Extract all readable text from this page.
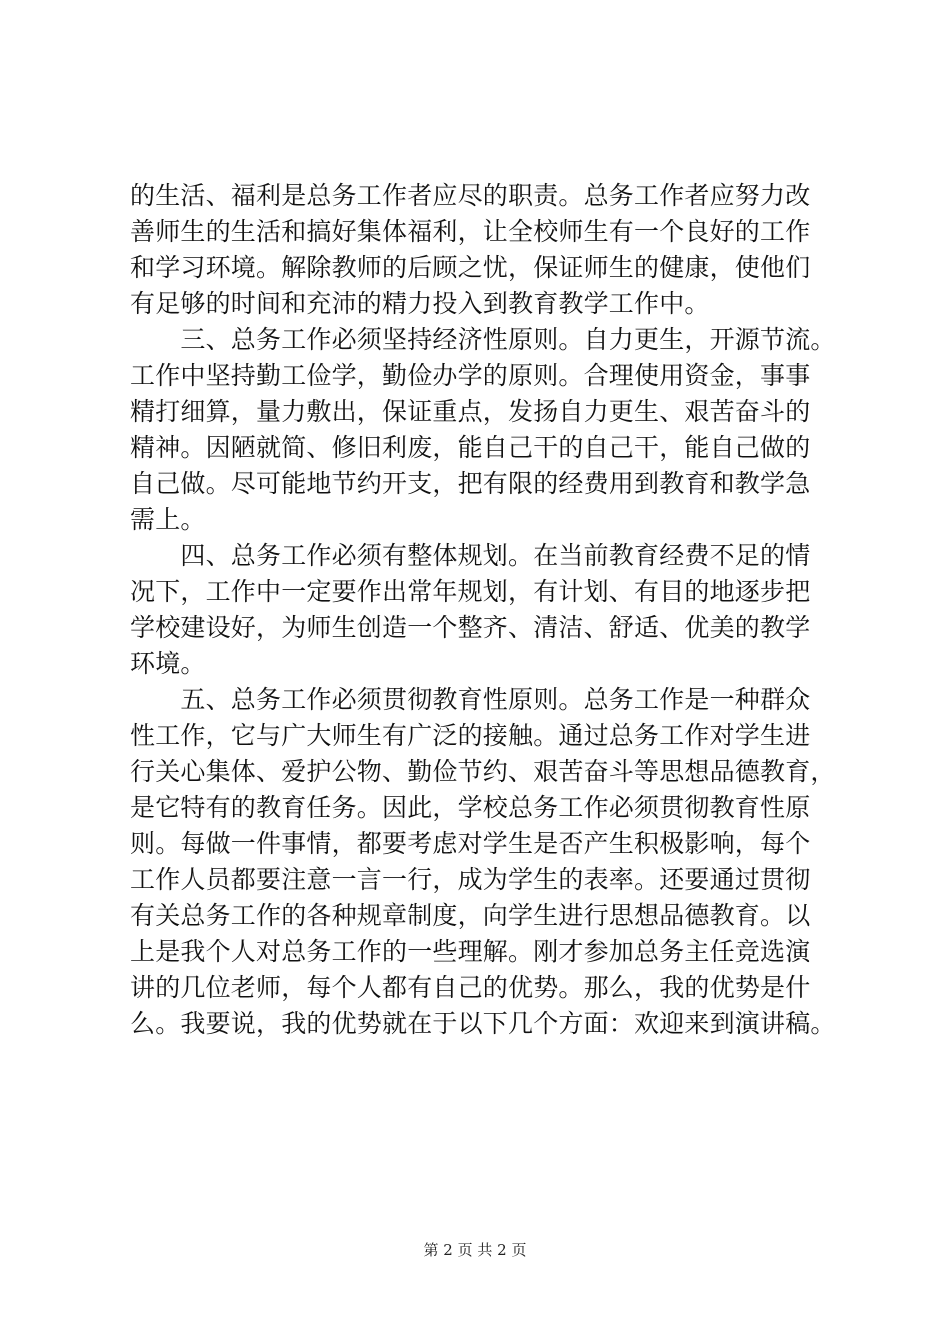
的生活、福利是总务工作者应尽的职责。总务工作者应努力改
善师生的生活和搞好集体福利，让全校师生有一个良好的工作
和学习环境。解除教师的后顾之忧，保证师生的健康，使他们
有足够的时间和充沛的精力投入到教育教学工作中。
　　三、总务工作必须坚持经济性原则。自力更生，开源节流。
工作中坚持勤工俭学，勤俭办学的原则。合理使用资金，事事
精打细算，量力敷出，保证重点，发扬自力更生、艰苦奋斗的
精神。因陋就简、修旧利废，能自己干的自己干，能自己做的
自己做。尽可能地节约开支，把有限的经费用到教育和教学急
需上。
　　四、总务工作必须有整体规划。在当前教育经费不足的情
况下，工作中一定要作出常年规划，有计划、有目的地逐步把
学校建设好，为师生创造一个整齐、清洁、舒适、优美的教学
环境。
　　五、总务工作必须贯彻教育性原则。总务工作是一种群众
性工作，它与广大师生有广泛的接触。通过总务工作对学生进
行关心集体、爱护公物、勤俭节约、艰苦奋斗等思想品德教育，
是它特有的教育任务。因此，学校总务工作必须贯彻教育性原
则。每做一件事情，都要考虑对学生是否产生积极影响，每个
工作人员都要注意一言一行，成为学生的表率。还要通过贯彻
有关总务工作的各种规章制度，向学生进行思想品德教育。以
上是我个人对总务工作的一些理解。刚才参加总务主任竞选演
讲的几位老师，每个人都有自己的优势。那么，我的优势是什
么。我要说，我的优势就在于以下几个方面：欢迎来到演讲稿。
第 2 页 共 2 页
